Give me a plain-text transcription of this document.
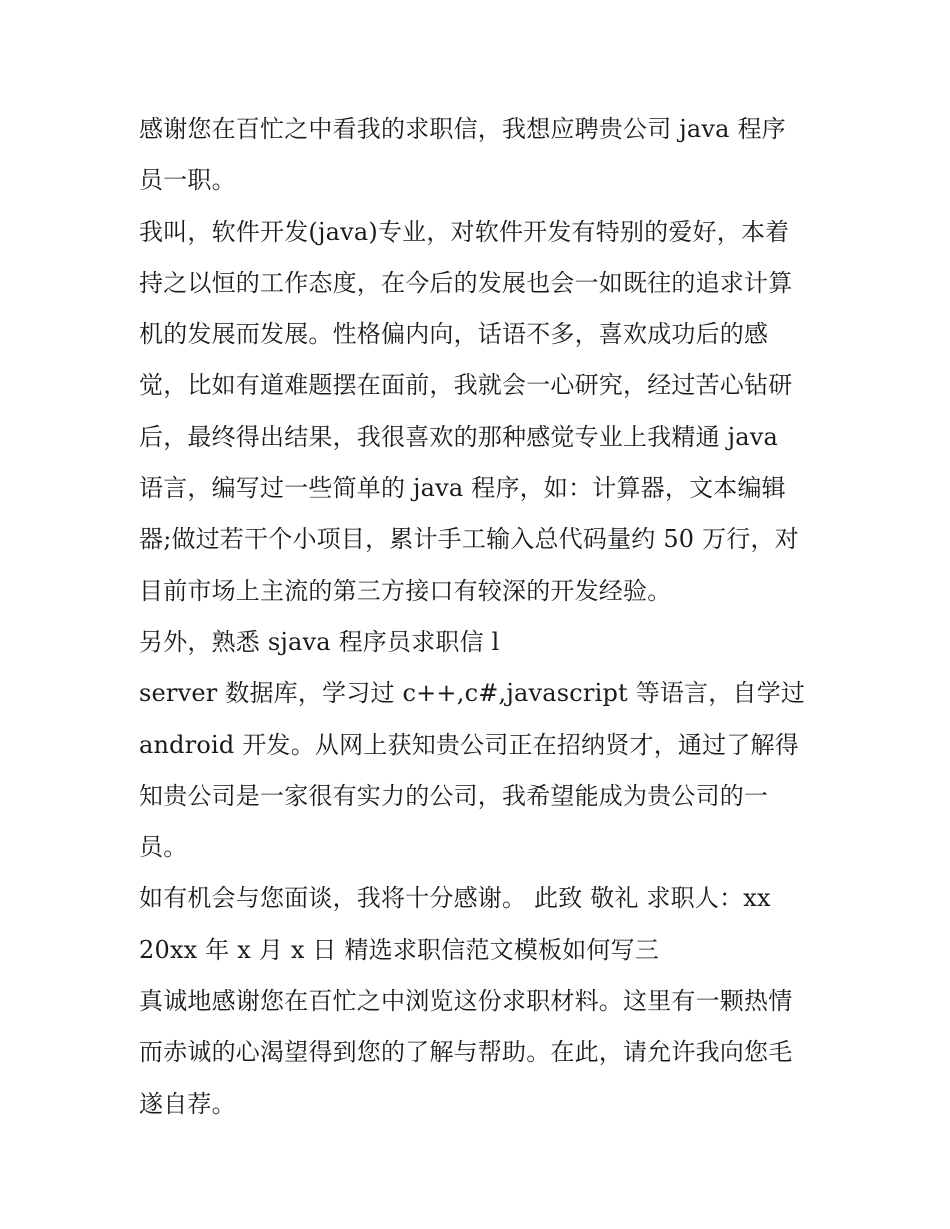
感谢您在百忙之中看我的求职信，我想应聘贵公司 java 程序
员一职。
我叫，软件开发(java)专业，对软件开发有特别的爱好，本着
持之以恒的工作态度，在今后的发展也会一如既往的追求计算
机的发展而发展。性格偏内向，话语不多，喜欢成功后的感
觉，比如有道难题摆在面前，我就会一心研究，经过苦心钻研
后，最终得出结果，我很喜欢的那种感觉专业上我精通 java
语言，编写过一些简单的 java 程序，如：计算器，文本编辑
器;做过若干个小项目，累计手工输入总代码量约 50 万行，对
目前市场上主流的第三方接口有较深的开发经验。
另外，熟悉 sjava 程序员求职信 l
server 数据库，学习过 c++,c#,javascript 等语言，自学过
android 开发。从网上获知贵公司正在招纳贤才，通过了解得
知贵公司是一家很有实力的公司，我希望能成为贵公司的一
员。
如有机会与您面谈，我将十分感谢。 此致 敬礼 求职人：xx
20xx 年 x 月 x 日 精选求职信范文模板如何写三
真诚地感谢您在百忙之中浏览这份求职材料。这里有一颗热情
而赤诚的心渴望得到您的了解与帮助。在此，请允许我向您毛
遂自荐。
